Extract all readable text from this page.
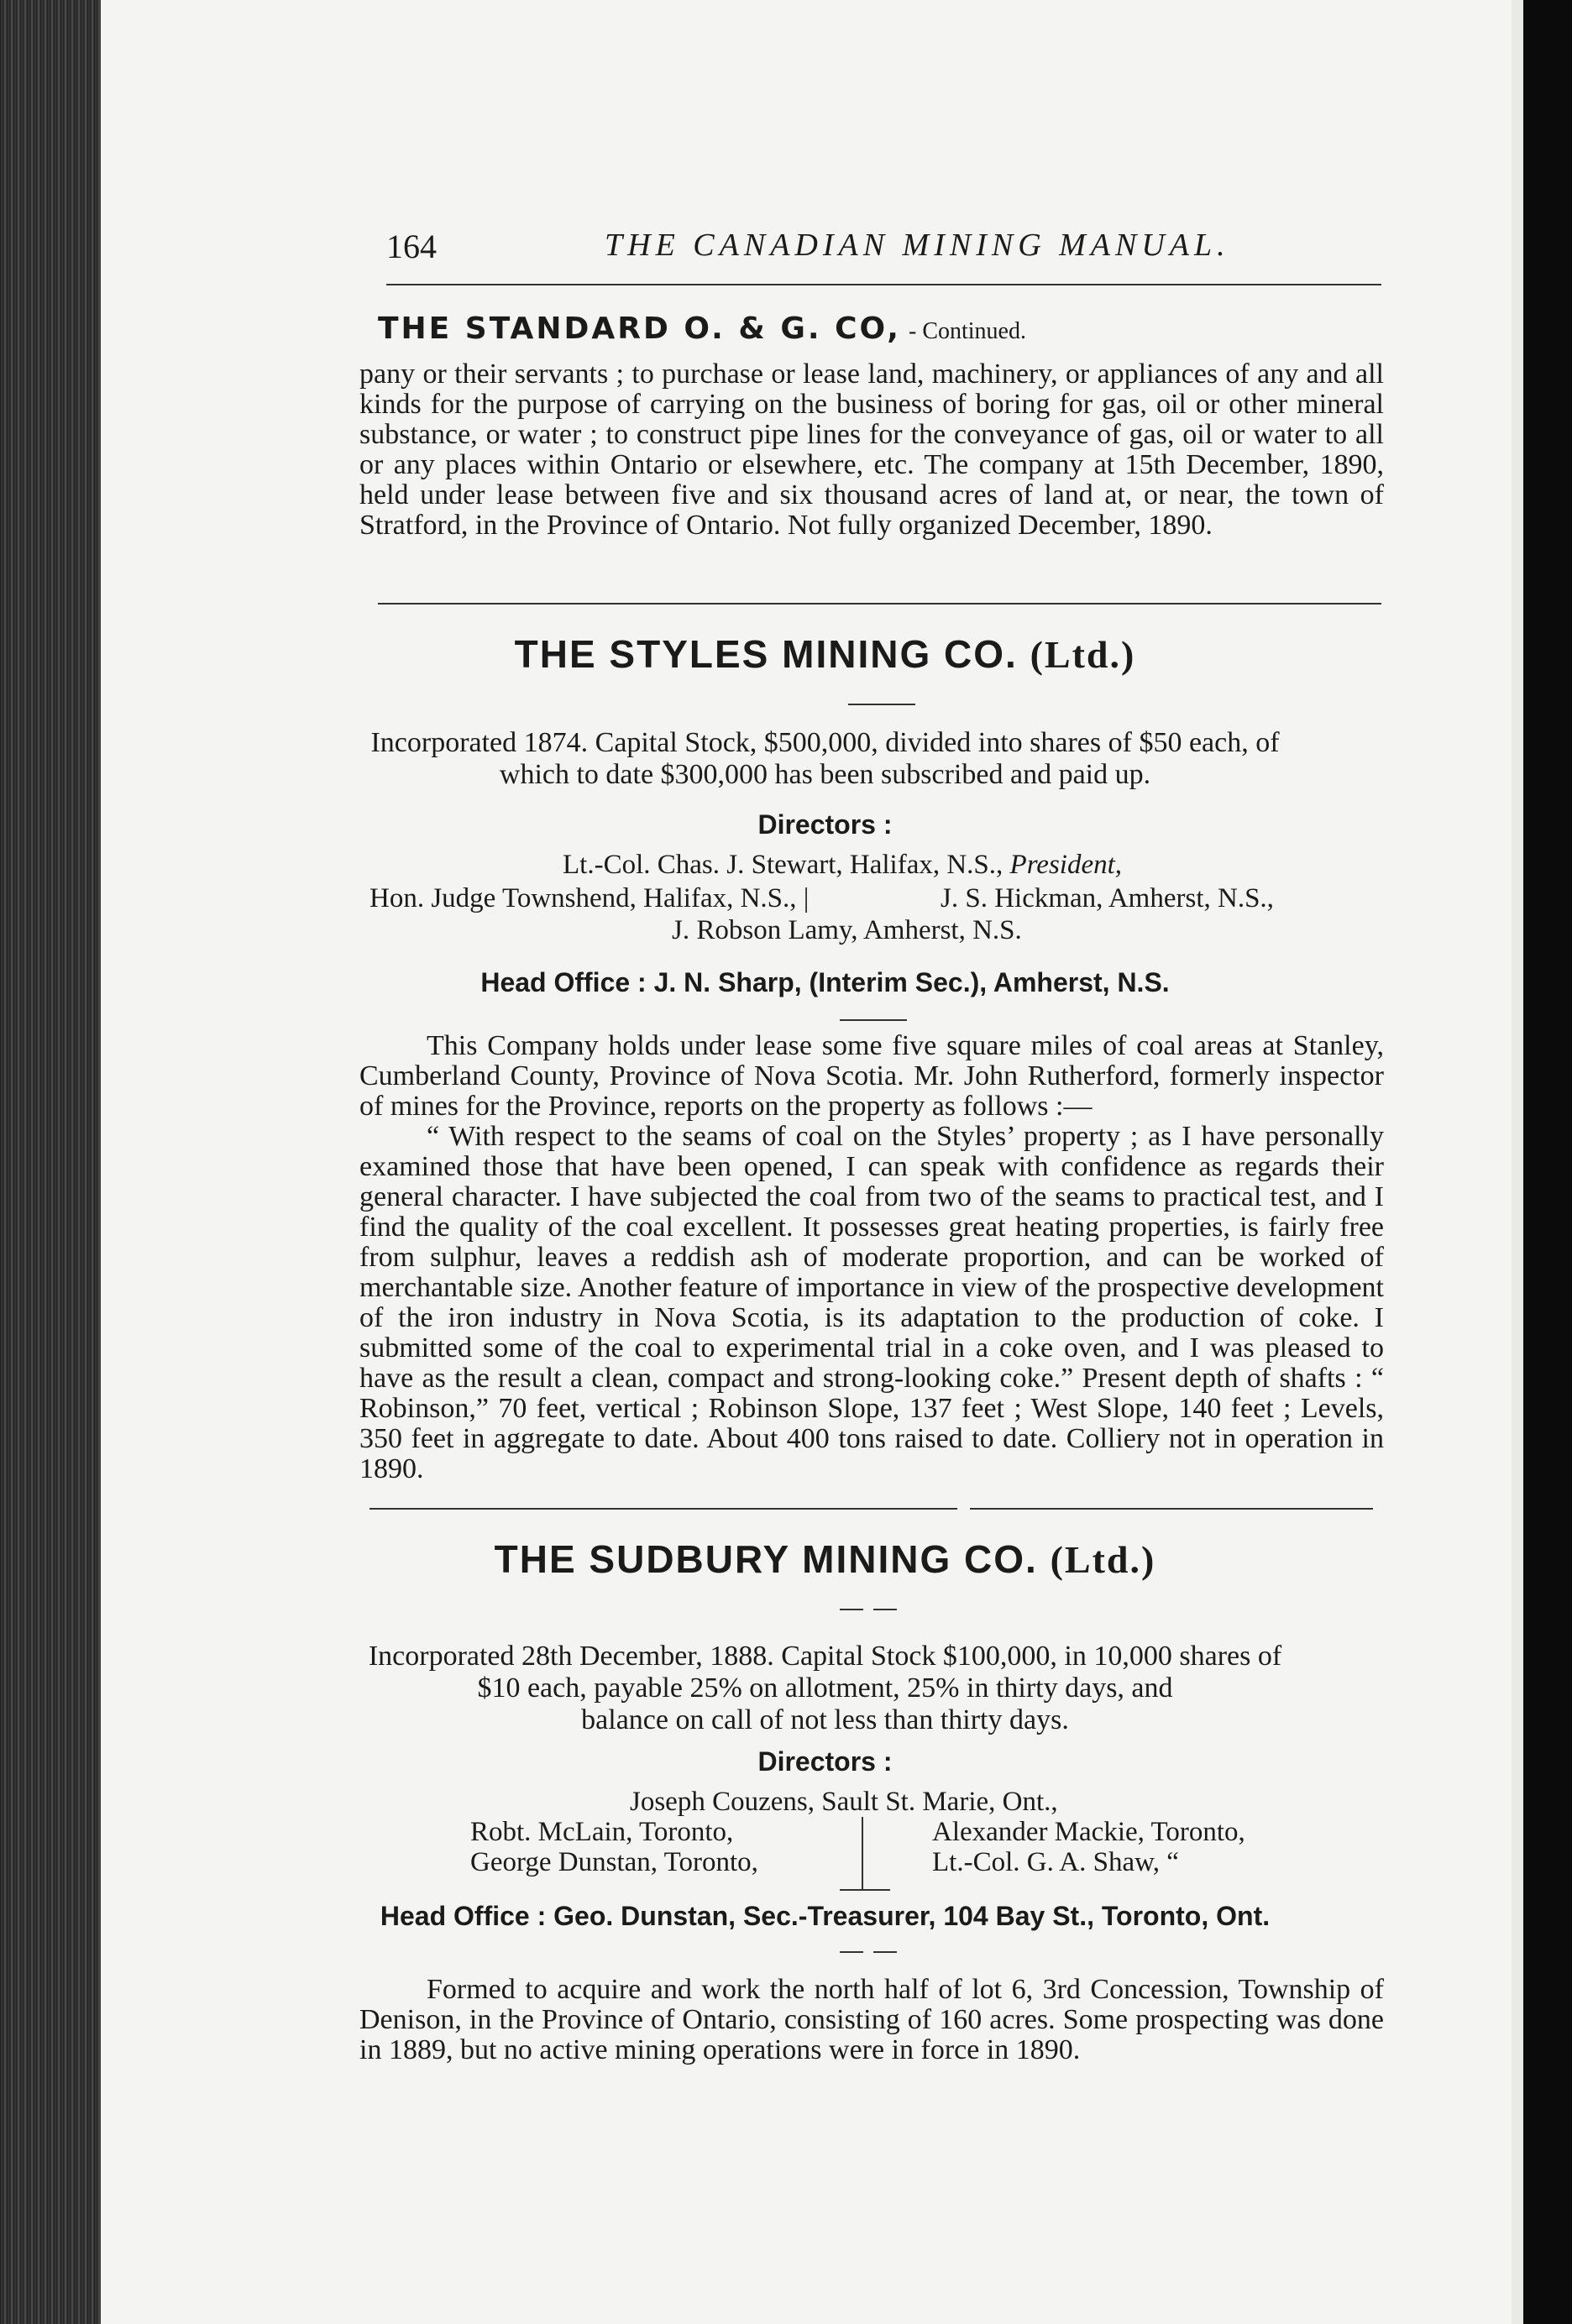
164	THE CANADIAN MINING MANUAL.
THE STANDARD O. & G. CO, - Continued.

pany or their servants ; to purchase or lease land, machinery, or appliances of any and all kinds for the purpose of carrying on the business of boring for gas, oil or other mineral substance, or water ; to construct pipe lines for the conveyance of gas, oil or water to all or any places within Ontario or elsewhere, etc. The company at 15th December, 1890, held under lease between five and six thousand acres of land at, or near, the town of Stratford, in the Province of Ontario. Not fully organized December, 1890.

THE STYLES MINING CO. (Ltd.)
Incorporated 1874. Capital Stock, $500,000, divided into shares of $50 each, of
which to date $300,000 has been subscribed and paid up.
Directors :
Lt.-Col. Chas. J. Stewart, Halifax, N.S., President,
Hon. Judge Townshend, Halifax, N.S., |	J. S. Hickman, Amherst, N.S.,
J. Robson Lamy, Amherst, N.S.
Head Office : J. N. Sharp, (Interim Sec.), Amherst, N.S.

This Company holds under lease some five square miles of coal areas at Stanley, Cumberland County, Province of Nova Scotia. Mr. John Rutherford, formerly inspector of mines for the Province, reports on the property as follows :—

“ With respect to the seams of coal on the Styles’ property ; as I have personally examined those that have been opened, I can speak with confidence as regards their general character. I have subjected the coal from two of the seams to practical test, and I find the quality of the coal excellent. It possesses great heating properties, is fairly free from sulphur, leaves a reddish ash of moderate proportion, and can be worked of merchantable size. Another feature of importance in view of the prospective development of the iron industry in Nova Scotia, is its adaptation to the production of coke. I submitted some of the coal to experimental trial in a coke oven, and I was pleased to have as the result a clean, compact and strong-looking coke.” Present depth of shafts : “ Robinson,” 70 feet, vertical ; Robinson Slope, 137 feet ; West Slope, 140 feet ; Levels, 350 feet in aggregate to date. About 400 tons raised to date. Colliery not in operation in 1890.

THE SUDBURY MINING CO. (Ltd.)
Incorporated 28th December, 1888. Capital Stock $100,000, in 10,000 shares of
$10 each, payable 25% on allotment, 25% in thirty days, and
balance on call of not less than thirty days.
Directors :
Joseph Couzens, Sault St. Marie, Ont.,
Robt. McLain, Toronto,
George Dunstan, Toronto,
Alexander Mackie, Toronto,
Lt.-Col. G. A. Shaw, “
Head Office : Geo. Dunstan, Sec.-Treasurer, 104 Bay St., Toronto, Ont.

Formed to acquire and work the north half of lot 6, 3rd Concession, Township of Denison, in the Province of Ontario, consisting of 160 acres. Some prospecting was done in 1889, but no active mining operations were in force in 1890.
